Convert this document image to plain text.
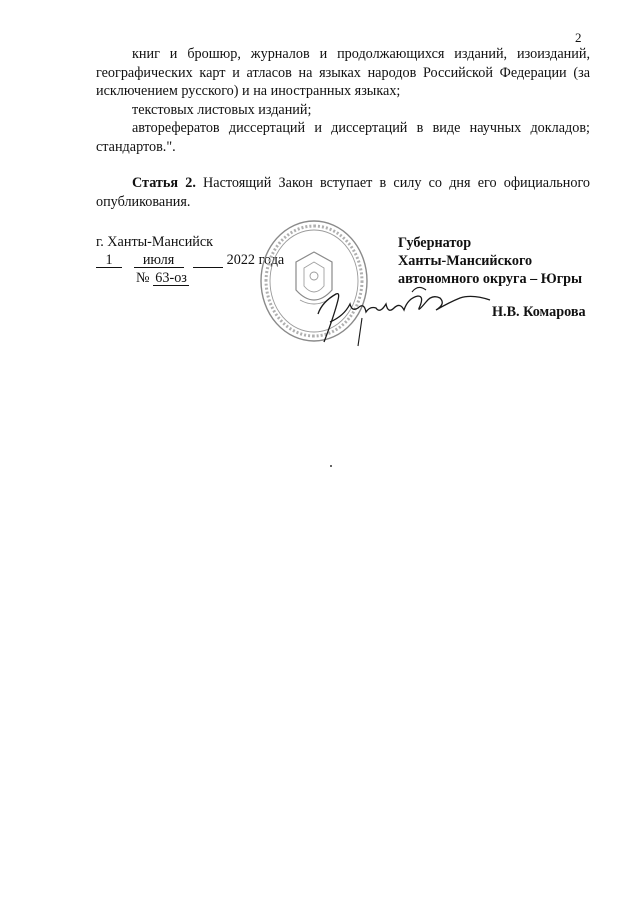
2

книг и брошюр, журналов и продолжающихся изданий, изоизданий, географических карт и атласов на языках народов Российской Федерации (за исключением русского) и на иностранных языках;

текстовых листовых изданий;

авторефератов диссертаций и диссертаций в виде научных докладов; стандартов.".

Статья 2. Настоящий Закон вступает в силу со дня его официального опубликования.

г. Ханты-Мансийск
1 июля	2022 года
№ 63-оз
Губернатор
Ханты-Мансийского
автономного округа – Югры
Н.В. Комарова
